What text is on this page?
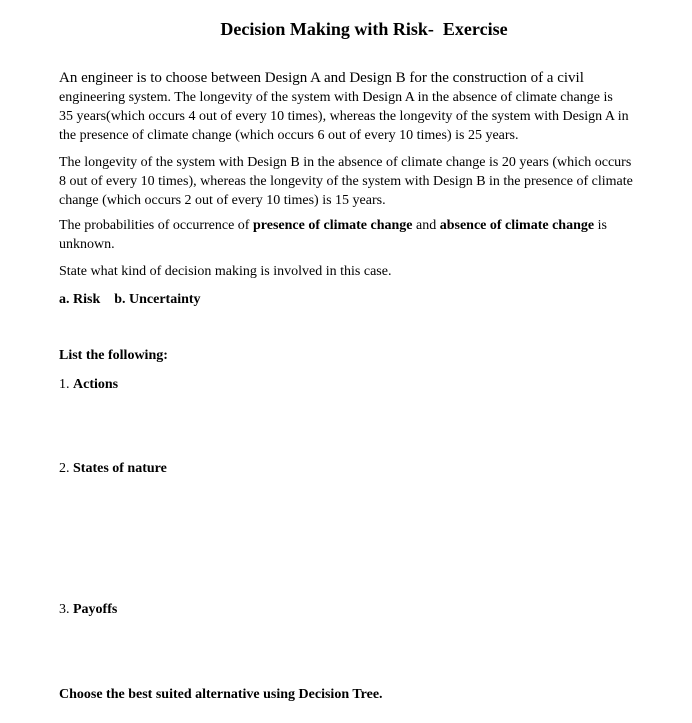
Decision Making with Risk-  Exercise
An engineer is to choose between Design A and Design B for the construction of a civil
engineering system. The longevity of the system with Design A in the absence of climate change is
35 years(which occurs 4 out of every 10 times), whereas the longevity of the system with Design A in
the presence of climate change (which occurs 6 out of every 10 times) is 25 years.
The longevity of the system with Design B in the absence of climate change is 20 years (which occurs
8 out of every 10 times), whereas the longevity of the system with Design B in the presence of climate
change (which occurs 2 out of every 10 times) is 15 years.
The probabilities of occurrence of presence of climate change and absence of climate change is
unknown.
State what kind of decision making is involved in this case.
a. Risk    b. Uncertainty
List the following:
1. Actions
2. States of nature
3. Payoffs
Choose the best suited alternative using Decision Tree.
